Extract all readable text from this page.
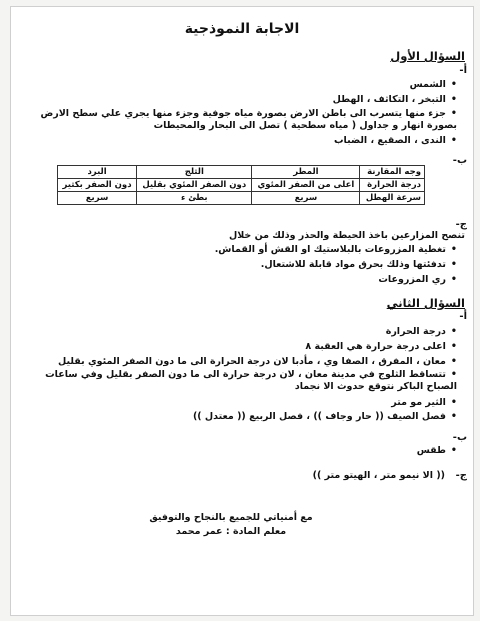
الاجابة النموذجية
السؤال الأول
أ-
• الشمس
• التبخر ، التكاثف ، الهطل
• جزء منها يتسرب الى باطن الارض بصورة مياه جوفية وجزء منها يجري علي سطح الارض بصورة انهار و جداول ( مياه سطحية ) تصل الى البحار والمحيطات
• الندى ، الصقيع ، الضباب
ب-
وجه المقارنة	المطر	الثلج	البرد
درجة الحرارة	اعلى من الصفر المئوي	دون الصفر المئوي بقليل	دون الصفر بكثير
سرعة الهطل	سريع	بطئ ء	سريع
ج-
تنصح المزارعين باخذ الحيطة والحذر وذلك من خلال
• تغطية المزروعات بالبلاستيك او القش أو القماش.
• تدفئتها وذلك بحرق مواد قابلة للاشتعال.
• ري المزروعات
السؤال الثاني
أ-
• درجة الحرارة
• اعلى درجة حرارة هي العقبة ٨
• معان ، المفرق ، الصفا وي ، مأدبا لان درجة الحرارة الى ما دون الصفر المئوي بقليل
• تتساقط الثلوج في مدينة معان ، لان درجة حرارة الى ما دون الصفر بقليل وفي ساعات الصباح الباكر نتوقع حدوث الا نجماد
• الثير مو متر
• فصل الصيف (( حار وجاف )) ، فصل الربيع (( معتدل ))
ب-
• طقس
ج-
(( الا نيمو متر ، الهيتو متر ))
مع أمنياتي للجميع بالنجاح والتوفيق
معلم المادة : عمر محمد
